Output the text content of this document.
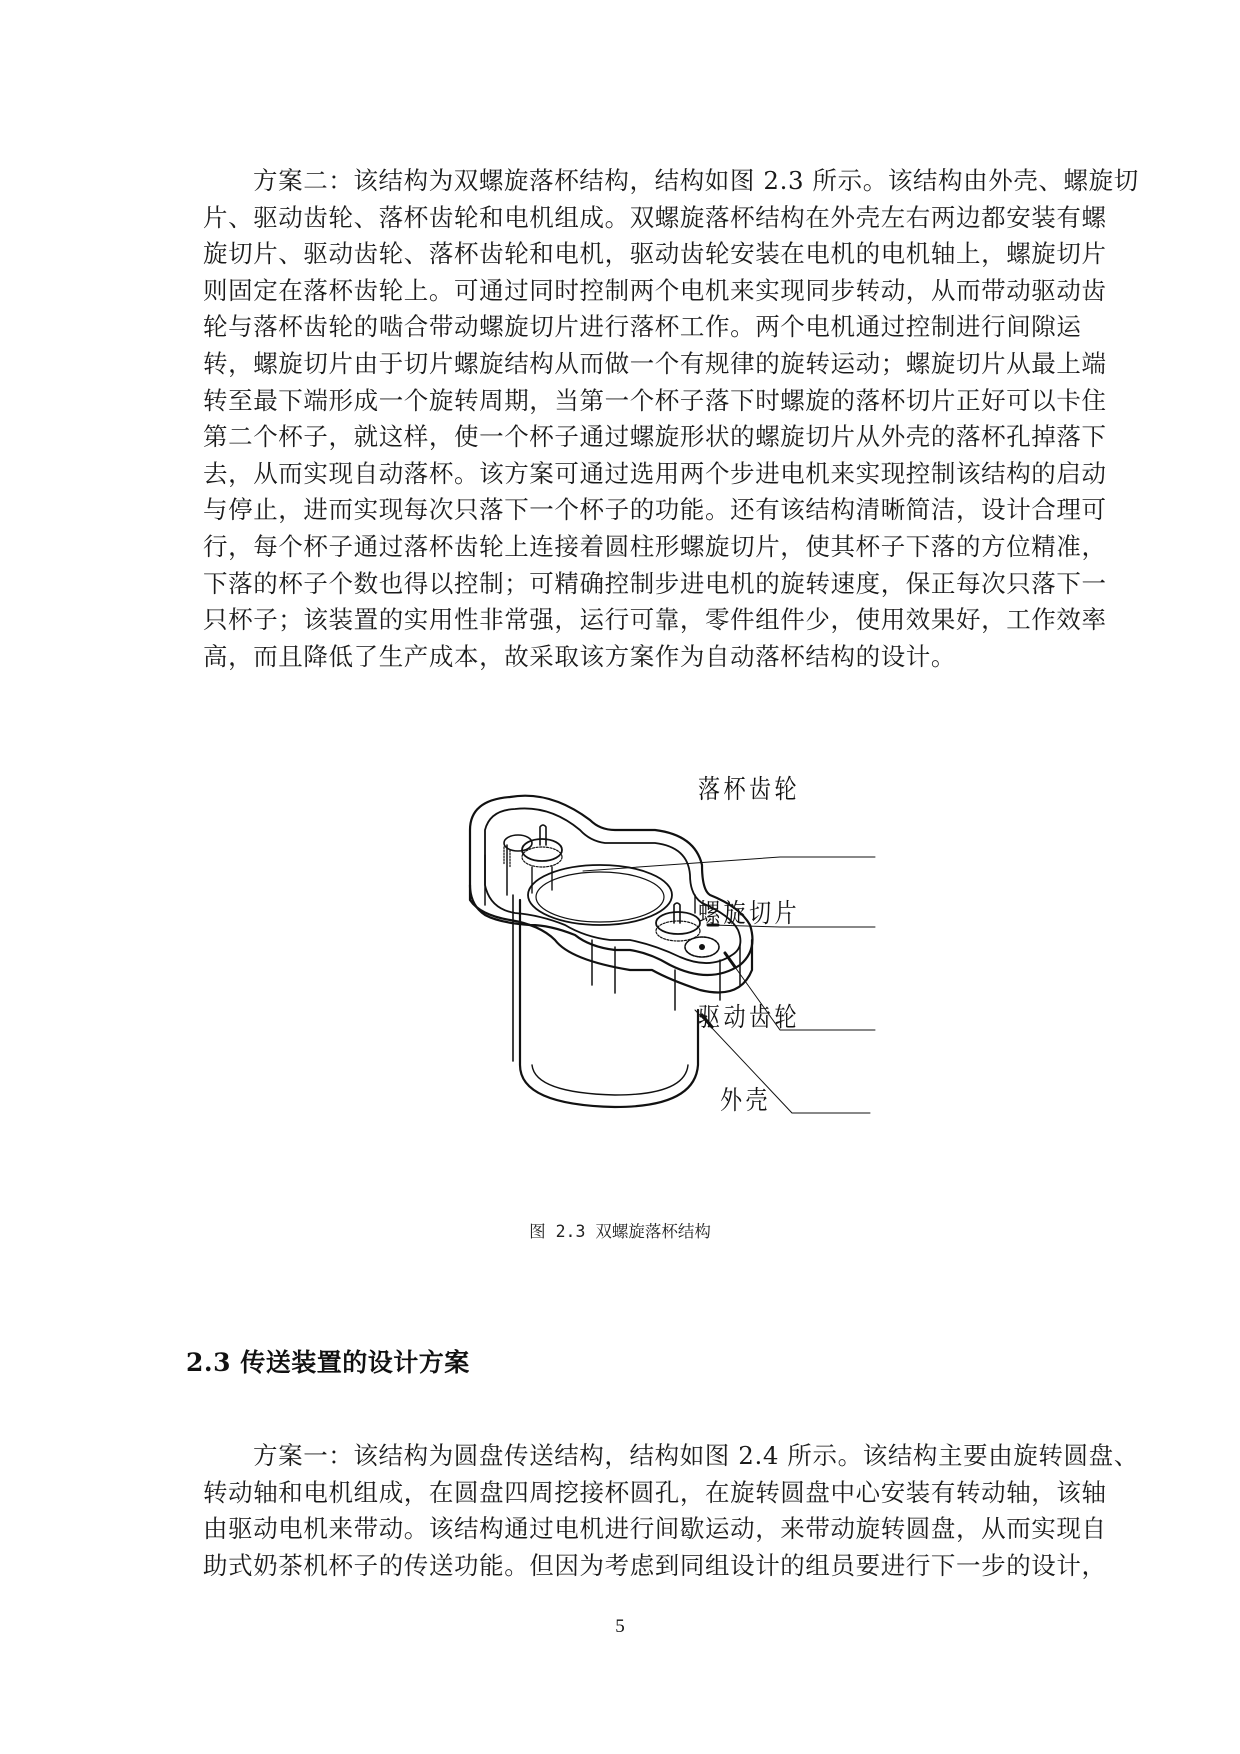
方案二：该结构为双螺旋落杯结构，结构如图 2.3 所示。该结构由外壳、螺旋切
片、驱动齿轮、落杯齿轮和电机组成。双螺旋落杯结构在外壳左右两边都安装有螺
旋切片、驱动齿轮、落杯齿轮和电机，驱动齿轮安装在电机的电机轴上，螺旋切片
则固定在落杯齿轮上。可通过同时控制两个电机来实现同步转动，从而带动驱动齿
轮与落杯齿轮的啮合带动螺旋切片进行落杯工作。两个电机通过控制进行间隙运
转，螺旋切片由于切片螺旋结构从而做一个有规律的旋转运动；螺旋切片从最上端
转至最下端形成一个旋转周期，当第一个杯子落下时螺旋的落杯切片正好可以卡住
第二个杯子，就这样，使一个杯子通过螺旋形状的螺旋切片从外壳的落杯孔掉落下
去，从而实现自动落杯。该方案可通过选用两个步进电机来实现控制该结构的启动
与停止，进而实现每次只落下一个杯子的功能。还有该结构清晰简洁，设计合理可
行，每个杯子通过落杯齿轮上连接着圆柱形螺旋切片，使其杯子下落的方位精准，
下落的杯子个数也得以控制；可精确控制步进电机的旋转速度，保正每次只落下一
只杯子；该装置的实用性非常强，运行可靠，零件组件少，使用效果好，工作效率
高，而且降低了生产成本，故采取该方案作为自动落杯结构的设计。
落杯齿轮
螺旋切片
驱动齿轮
外壳
图 2.3 双螺旋落杯结构
2.3 传送装置的设计方案
方案一：该结构为圆盘传送结构，结构如图 2.4 所示。该结构主要由旋转圆盘、
转动轴和电机组成，在圆盘四周挖接杯圆孔，在旋转圆盘中心安装有转动轴，该轴
由驱动电机来带动。该结构通过电机进行间歇运动，来带动旋转圆盘，从而实现自
助式奶茶机杯子的传送功能。但因为考虑到同组设计的组员要进行下一步的设计，
5
